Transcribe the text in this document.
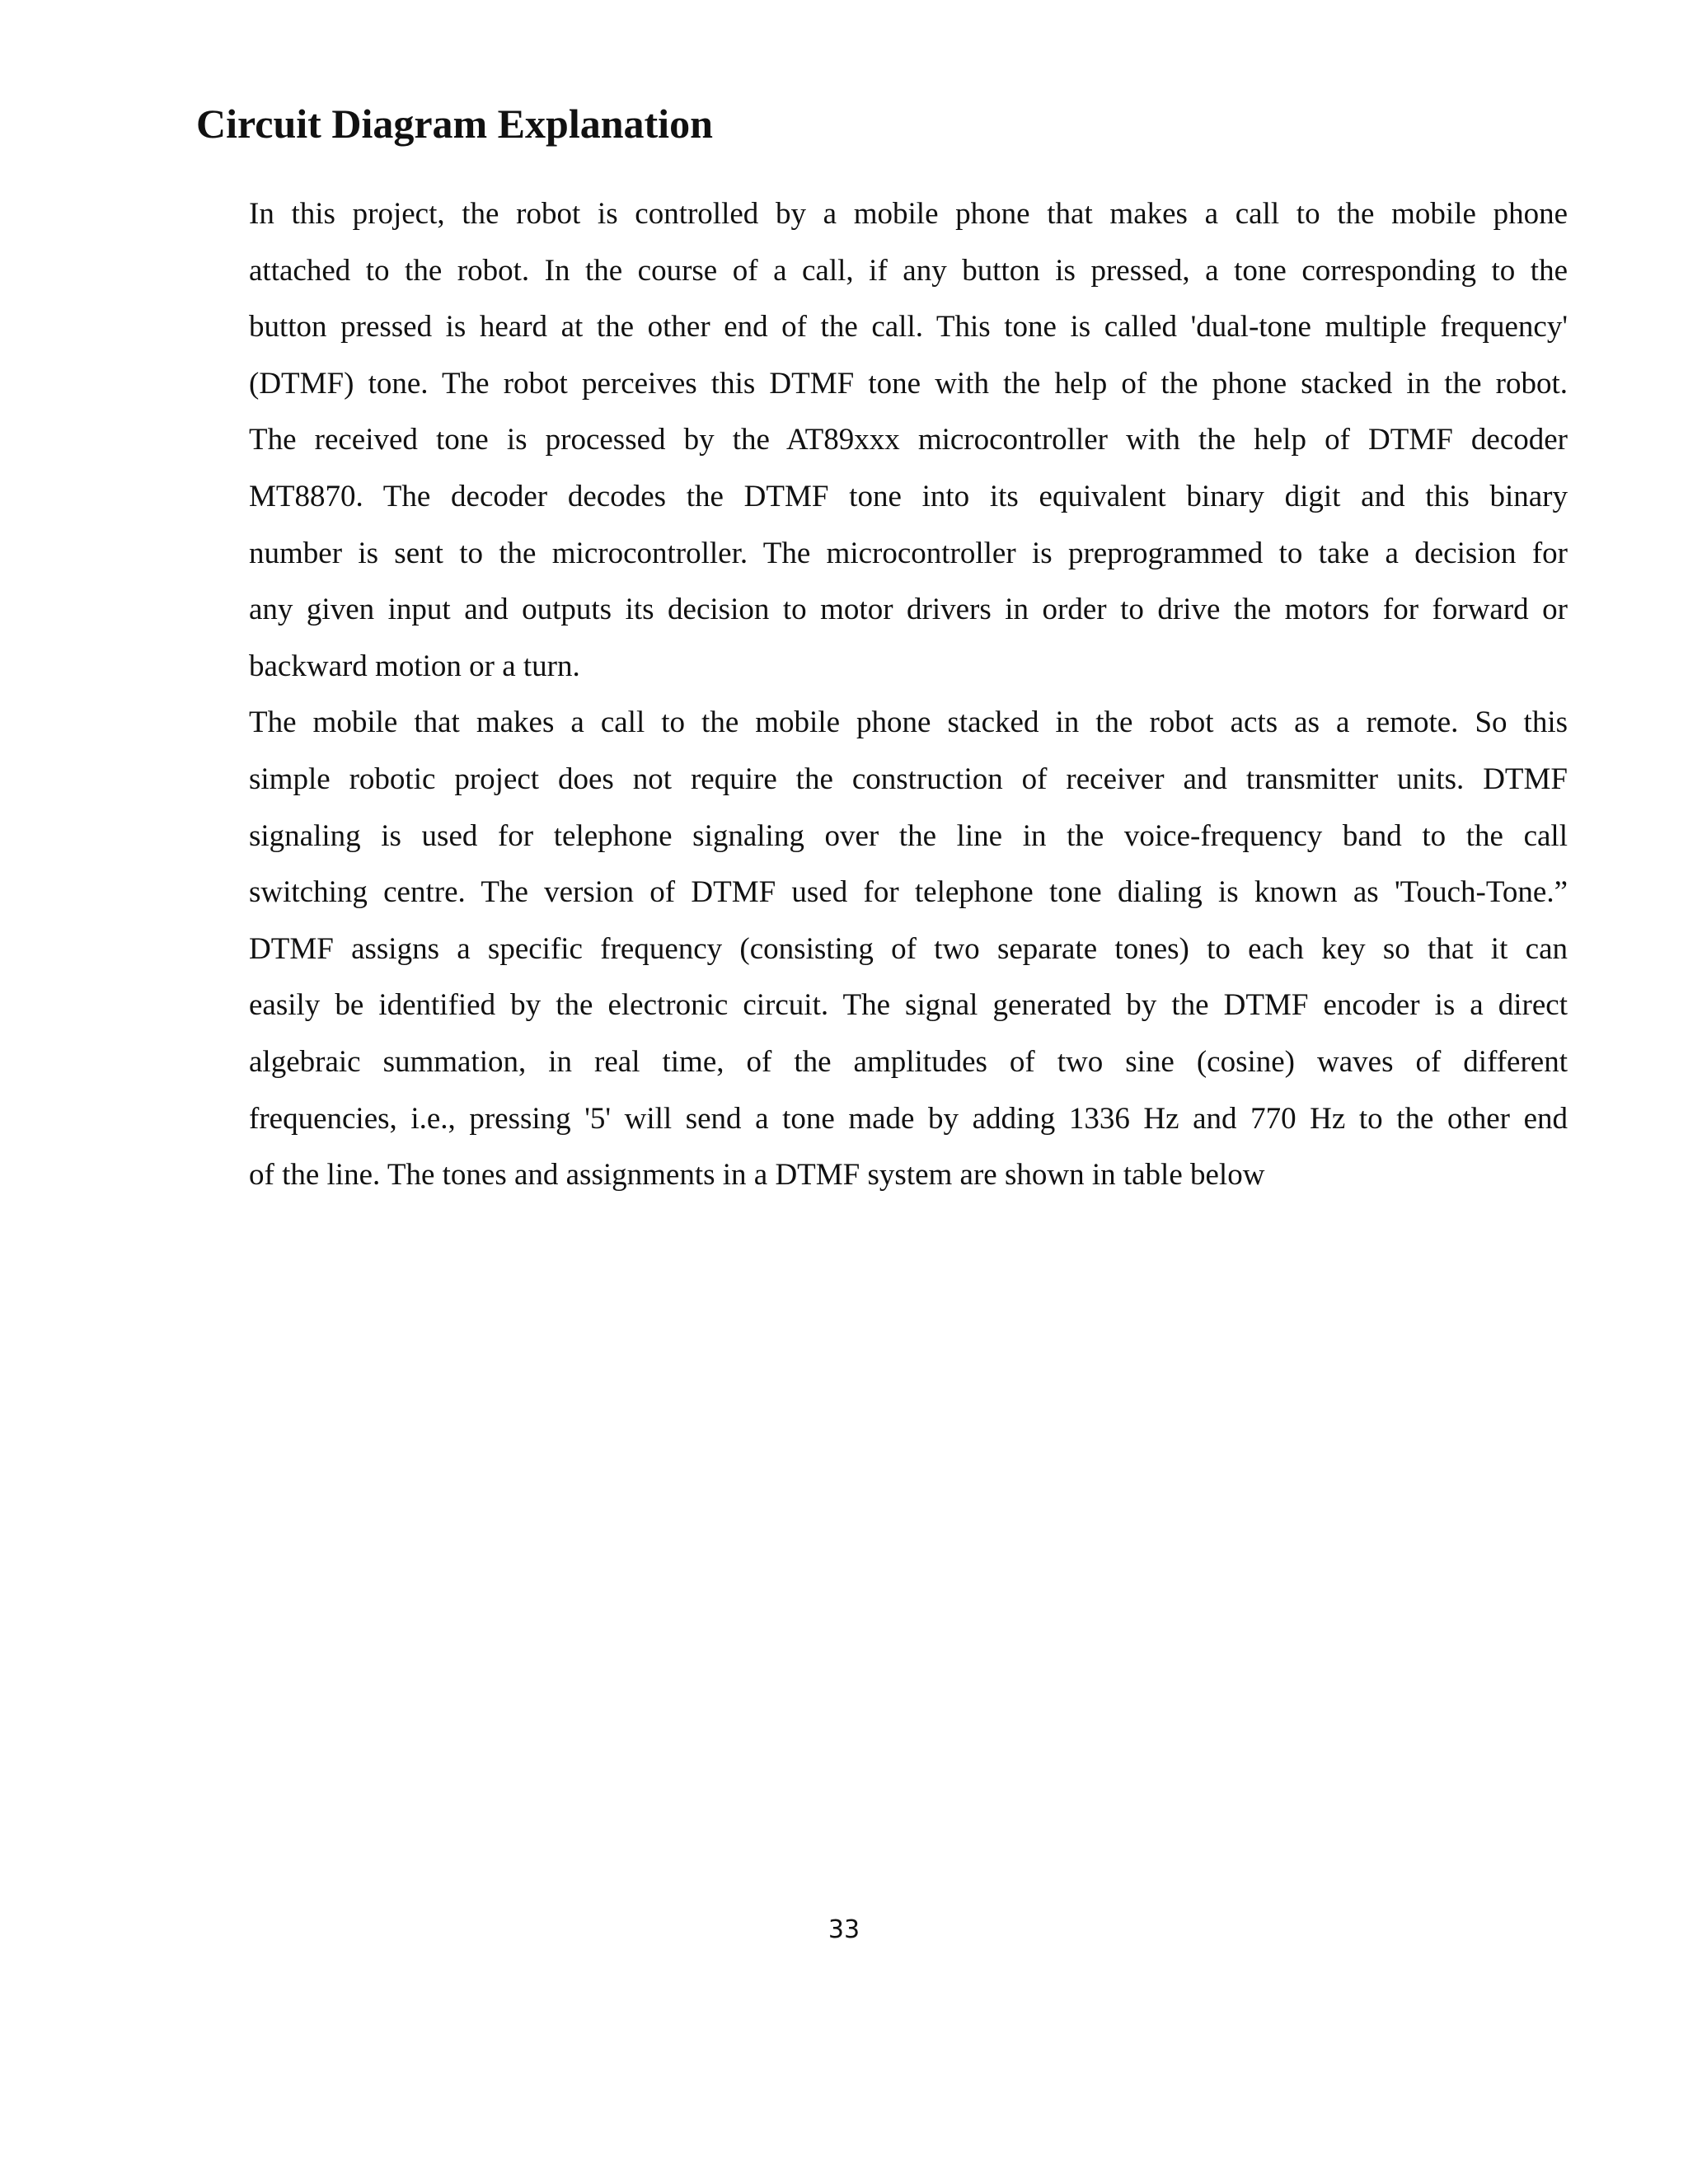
Circuit Diagram Explanation
In this project, the robot is controlled by a mobile phone that makes a call to the mobile phone
attached to the robot. In the course of a call, if any button is pressed, a tone corresponding to the
button pressed is heard at the other end of the call. This tone is called 'dual-tone multiple frequency'
(DTMF) tone. The robot perceives this DTMF tone with the help of the phone stacked in the robot.
The received tone is processed by the AT89xxx microcontroller with the help of DTMF decoder
MT8870. The decoder decodes the DTMF tone into its equivalent binary digit and this binary
number is sent to the microcontroller. The microcontroller is preprogrammed to take a decision for
any given input and outputs its decision to motor drivers in order to drive the motors for forward or
backward motion or a turn.
The mobile that makes a call to the mobile phone stacked in the robot acts as a remote. So this
simple robotic project does not require the construction of receiver and transmitter units. DTMF
signaling is used for telephone signaling over the line in the voice-frequency band to the call
switching centre. The version of DTMF used for telephone tone dialing is known as 'Touch-Tone.”
DTMF assigns a specific frequency (consisting of two separate tones) to each key so that it can
easily be identified by the electronic circuit. The signal generated by the DTMF encoder is a direct
algebraic summation, in real time, of the amplitudes of two sine (cosine) waves of different
frequencies, i.e., pressing '5' will send a tone made by adding 1336 Hz and 770 Hz to the other end
of the line. The tones and assignments in a DTMF system are shown in table below
33
